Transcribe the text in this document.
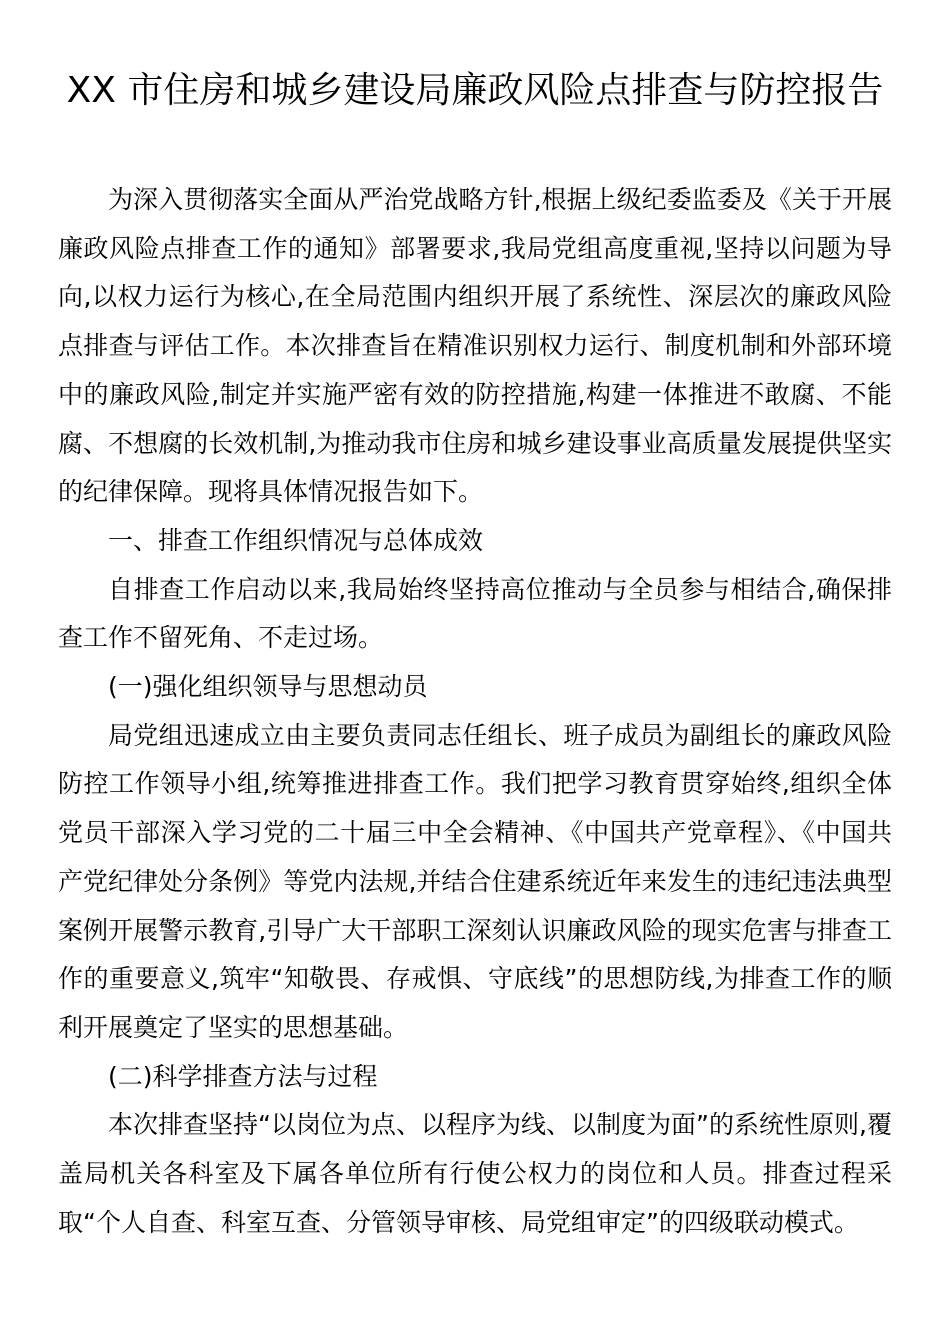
XX 市住房和城乡建设局廉政风险点排查与防控报告

为深入贯彻落实全面从严治党战略方针,根据上级纪委监委及《关于开展廉政风险点排查工作的通知》部署要求,我局党组高度重视,坚持以问题为导向,以权力运行为核心,在全局范围内组织开展了系统性、深层次的廉政风险点排查与评估工作。本次排查旨在精准识别权力运行、制度机制和外部环境中的廉政风险,制定并实施严密有效的防控措施,构建一体推进不敢腐、不能腐、不想腐的长效机制,为推动我市住房和城乡建设事业高质量发展提供坚实的纪律保障。现将具体情况报告如下。

一、排查工作组织情况与总体成效

自排查工作启动以来,我局始终坚持高位推动与全员参与相结合,确保排查工作不留死角、不走过场。

(一)强化组织领导与思想动员

局党组迅速成立由主要负责同志任组长、班子成员为副组长的廉政风险防控工作领导小组,统筹推进排查工作。我们把学习教育贯穿始终,组织全体党员干部深入学习党的二十届三中全会精神、《中国共产党章程》、《中国共产党纪律处分条例》等党内法规,并结合住建系统近年来发生的违纪违法典型案例开展警示教育,引导广大干部职工深刻认识廉政风险的现实危害与排查工作的重要意义,筑牢“知敬畏、存戒惧、守底线”的思想防线,为排查工作的顺利开展奠定了坚实的思想基础。

(二)科学排查方法与过程

本次排查坚持“以岗位为点、以程序为线、以制度为面”的系统性原则,覆盖局机关各科室及下属各单位所有行使公权力的岗位和人员。排查过程采取“个人自查、科室互查、分管领导审核、局党组审定”的四级联动模式。
